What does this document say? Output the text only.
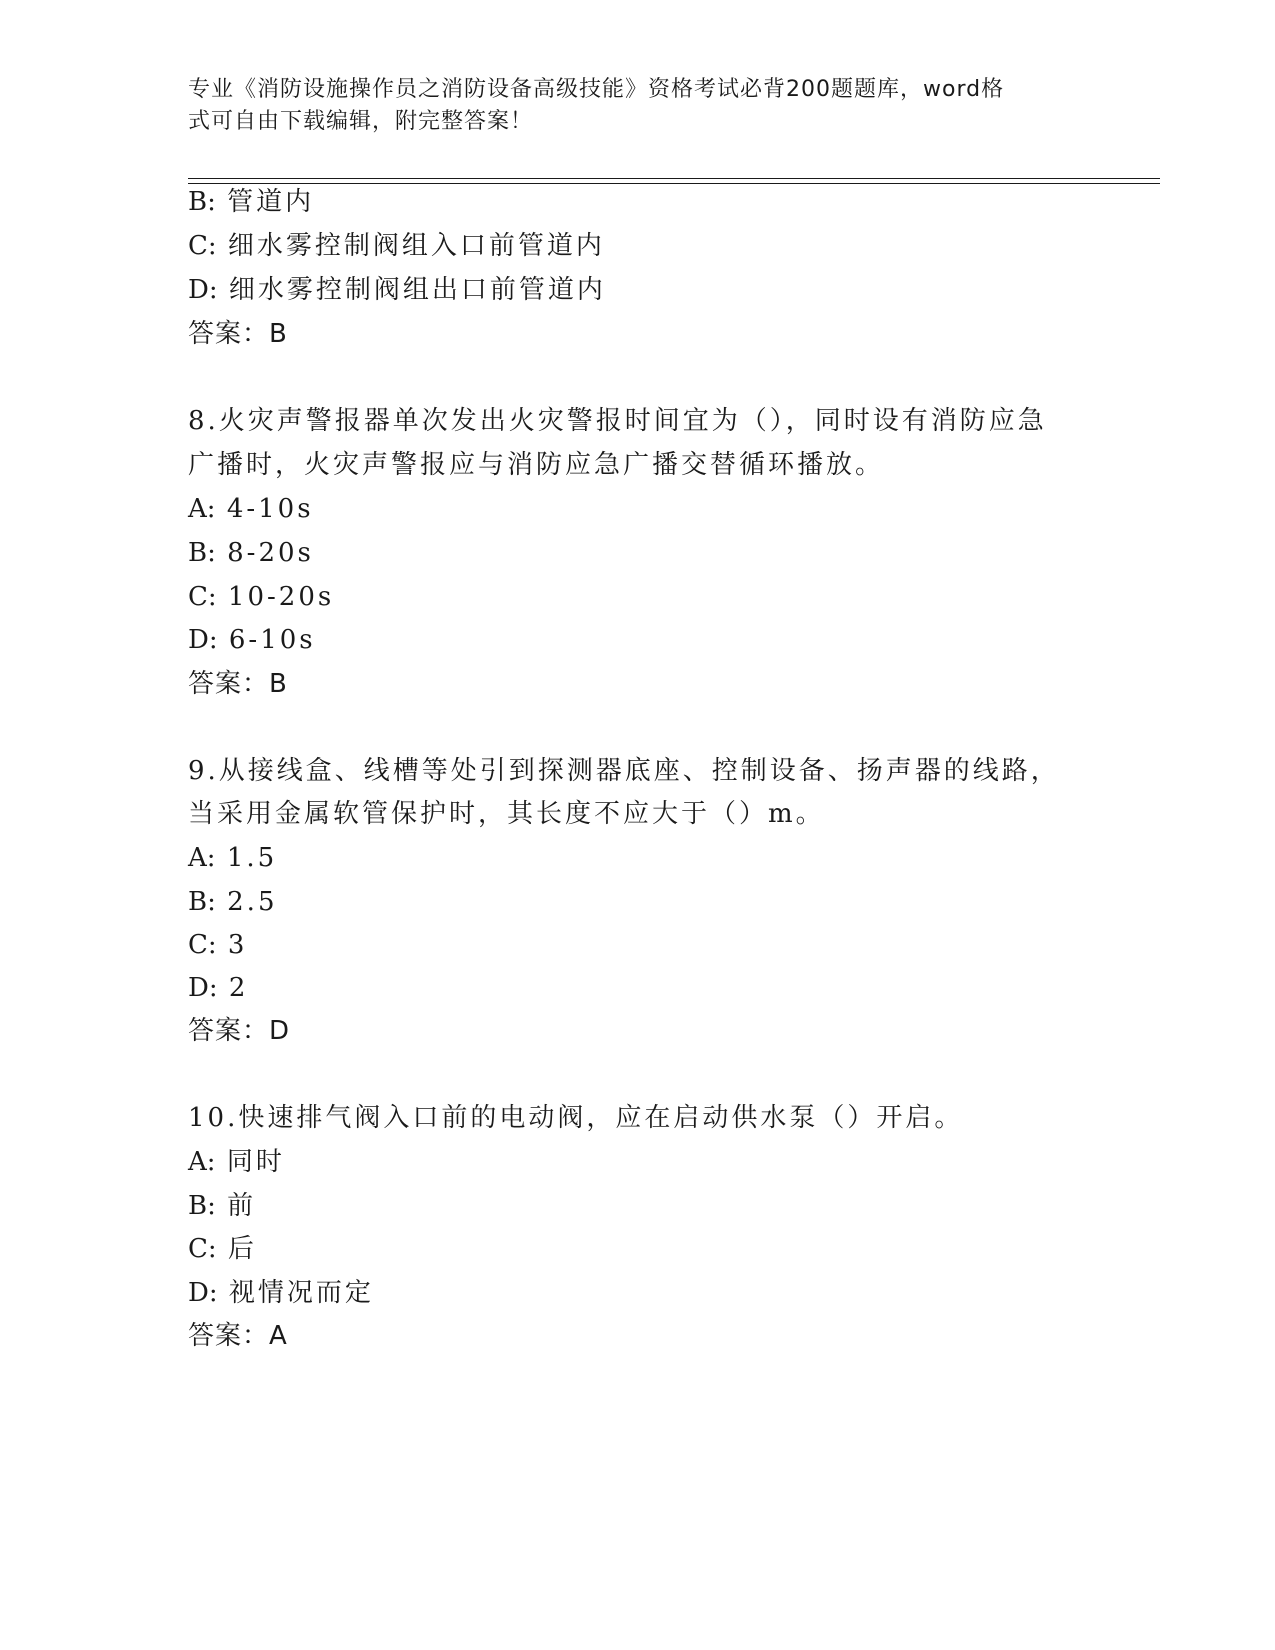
专业《消防设施操作员之消防设备高级技能》资格考试必背200题题库，word格
式可自由下载编辑，附完整答案！
B: 管道内
C: 细水雾控制阀组入口前管道内
D: 细水雾控制阀组出口前管道内
答案：B
8.火灾声警报器单次发出火灾警报时间宜为（），同时设有消防应急
广播时，火灾声警报应与消防应急广播交替循环播放。
A: 4-10s
B: 8-20s
C: 10-20s
D: 6-10s
答案：B
9.从接线盒、线槽等处引到探测器底座、控制设备、扬声器的线路，
当采用金属软管保护时，其长度不应大于（）m。
A: 1.5
B: 2.5
C: 3
D: 2
答案：D
10.快速排气阀入口前的电动阀，应在启动供水泵（）开启。
A: 同时
B: 前
C: 后
D: 视情况而定
答案：A
